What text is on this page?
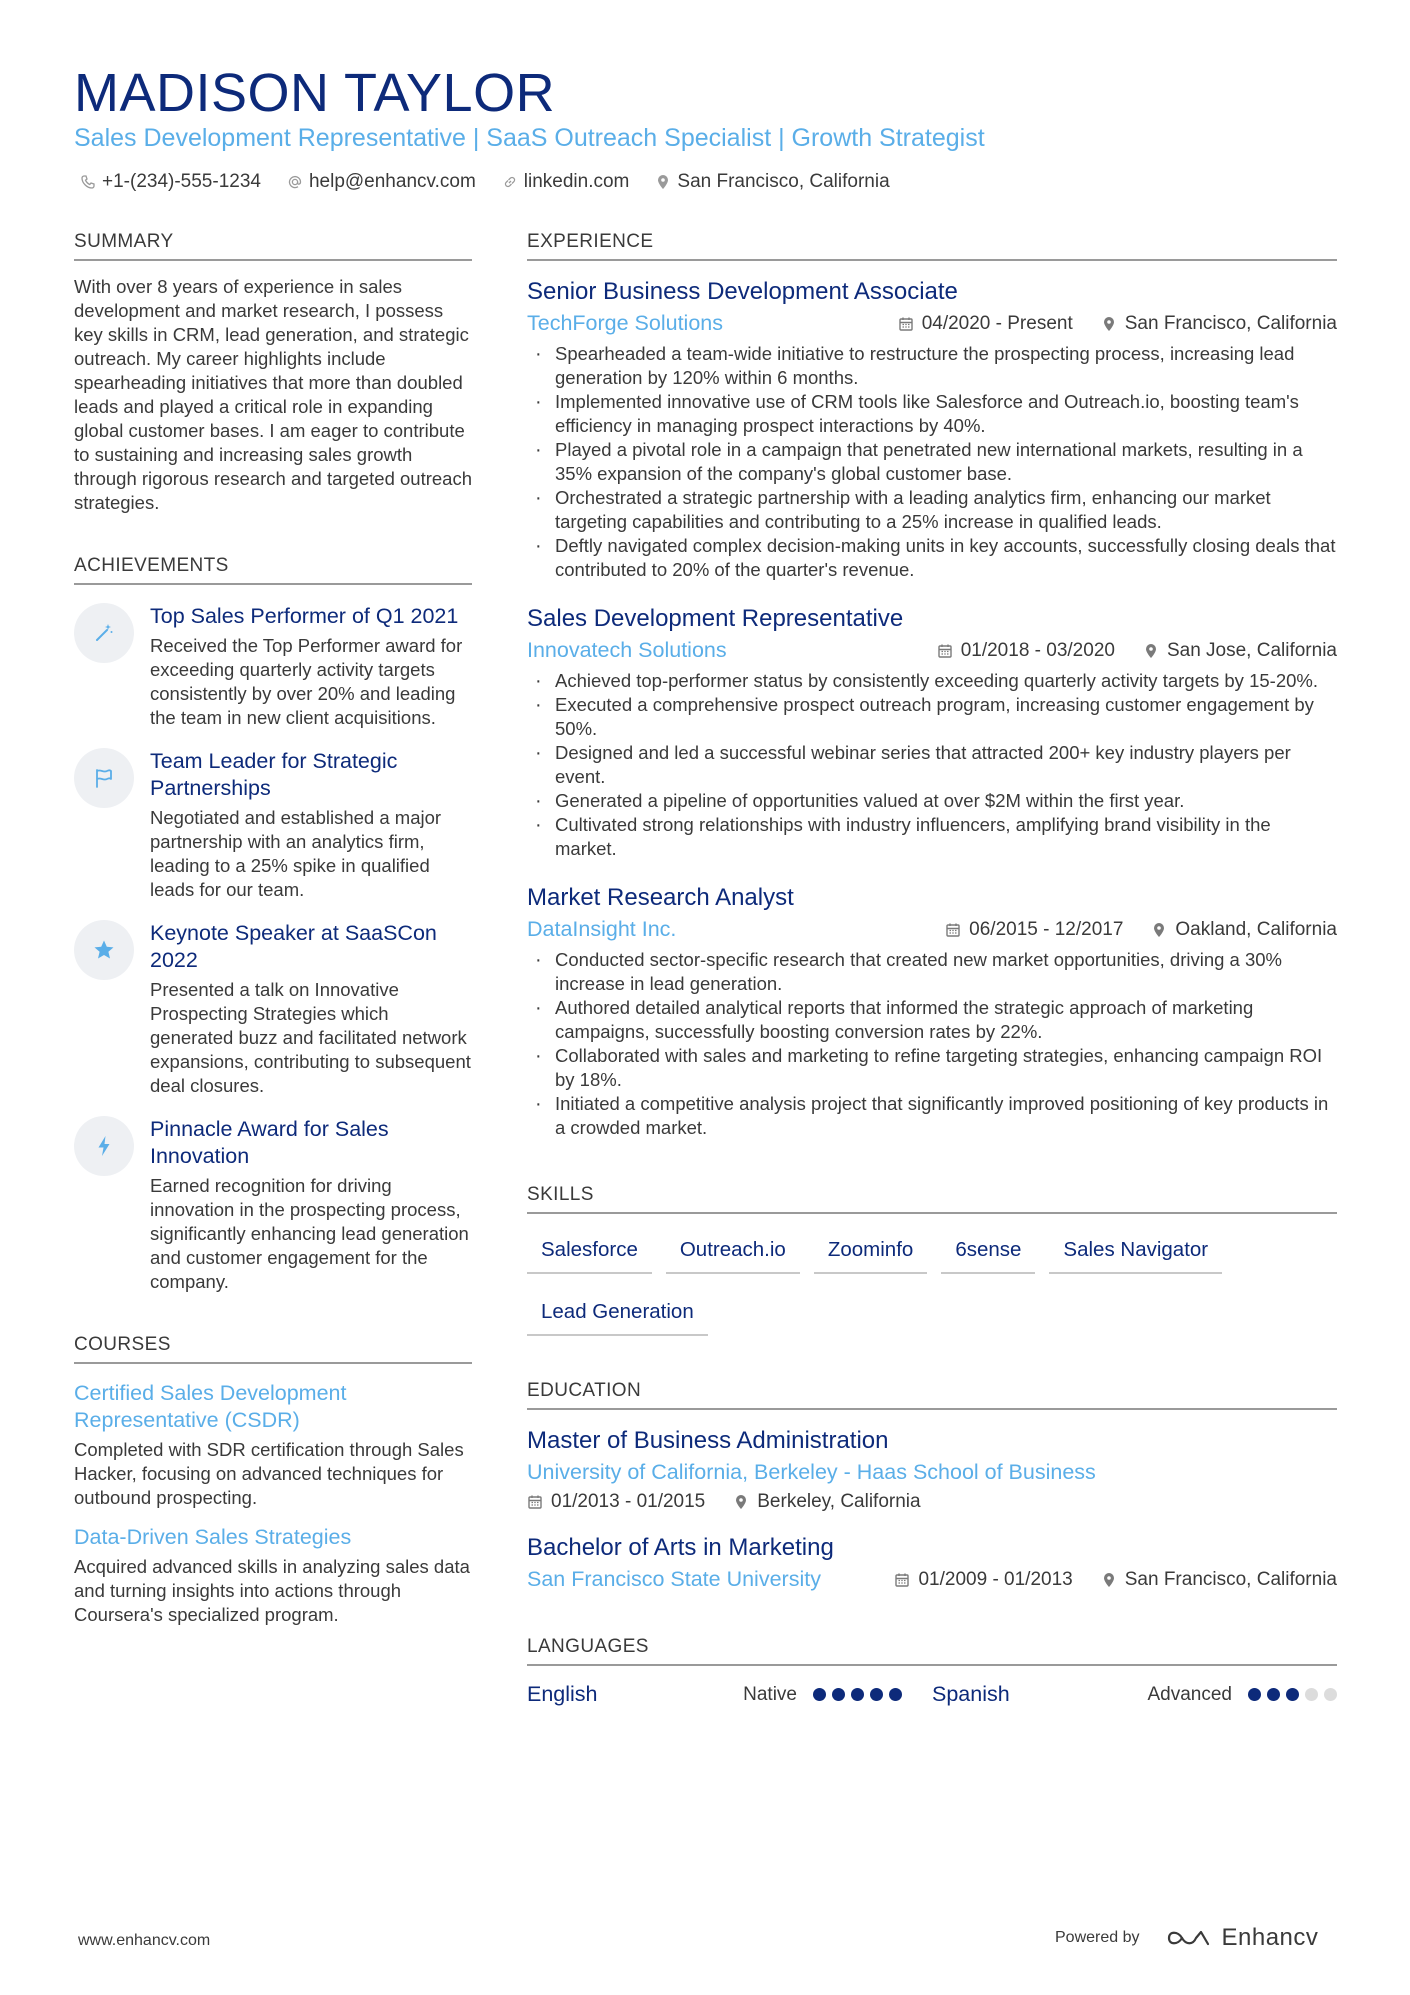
MADISON TAYLOR
Sales Development Representative | SaaS Outreach Specialist | Growth Strategist
+1-(234)-555-1234	help@enhancv.com	linkedin.com	San Francisco, California
SUMMARY

With over 8 years of experience in sales development and market research, I possess key skills in CRM, lead generation, and strategic outreach. My career highlights include spearheading initiatives that more than doubled leads and played a critical role in expanding global customer bases. I am eager to contribute to sustaining and increasing sales growth through rigorous research and targeted outreach strategies.

ACHIEVEMENTS
Top Sales Performer of Q1 2021
Received the Top Performer award for exceeding quarterly activity targets consistently by over 20% and leading the team in new client acquisitions.
Team Leader for Strategic Partnerships
Negotiated and established a major partnership with an analytics firm, leading to a 25% spike in qualified leads for our team.
Keynote Speaker at SaaSCon 2022
Presented a talk on Innovative Prospecting Strategies which generated buzz and facilitated network expansions, contributing to subsequent deal closures.
Pinnacle Award for Sales Innovation
Earned recognition for driving innovation in the prospecting process, significantly enhancing lead generation and customer engagement for the company.
COURSES
Certified Sales Development Representative (CSDR)
Completed with SDR certification through Sales Hacker, focusing on advanced techniques for outbound prospecting.
Data-Driven Sales Strategies
Acquired advanced skills in analyzing sales data and turning insights into actions through Coursera's specialized program.
EXPERIENCE
Senior Business Development Associate
TechForge Solutions	04/2020 - Present	San Francisco, California
· Spearheaded a team-wide initiative to restructure the prospecting process, increasing lead generation by 120% within 6 months.
· Implemented innovative use of CRM tools like Salesforce and Outreach.io, boosting team's efficiency in managing prospect interactions by 40%.
· Played a pivotal role in a campaign that penetrated new international markets, resulting in a 35% expansion of the company's global customer base.
· Orchestrated a strategic partnership with a leading analytics firm, enhancing our market targeting capabilities and contributing to a 25% increase in qualified leads.
· Deftly navigated complex decision-making units in key accounts, successfully closing deals that contributed to 20% of the quarter's revenue.
Sales Development Representative
Innovatech Solutions	01/2018 - 03/2020	San Jose, California
· Achieved top-performer status by consistently exceeding quarterly activity targets by 15-20%.
· Executed a comprehensive prospect outreach program, increasing customer engagement by 50%.
· Designed and led a successful webinar series that attracted 200+ key industry players per event.
· Generated a pipeline of opportunities valued at over $2M within the first year.
· Cultivated strong relationships with industry influencers, amplifying brand visibility in the market.
Market Research Analyst
DataInsight Inc.	06/2015 - 12/2017	Oakland, California
· Conducted sector-specific research that created new market opportunities, driving a 30% increase in lead generation.
· Authored detailed analytical reports that informed the strategic approach of marketing campaigns, successfully boosting conversion rates by 22%.
· Collaborated with sales and marketing to refine targeting strategies, enhancing campaign ROI by 18%.
· Initiated a competitive analysis project that significantly improved positioning of key products in a crowded market.
SKILLS
Salesforce	Outreach.io	Zoominfo	6sense	Sales Navigator
Lead Generation
EDUCATION
Master of Business Administration
University of California, Berkeley - Haas School of Business
01/2013 - 01/2015	Berkeley, California
Bachelor of Arts in Marketing
San Francisco State University	01/2009 - 01/2013	San Francisco, California
LANGUAGES
English	Native	Spanish	Advanced
www.enhancv.com	Powered by	Enhancv
